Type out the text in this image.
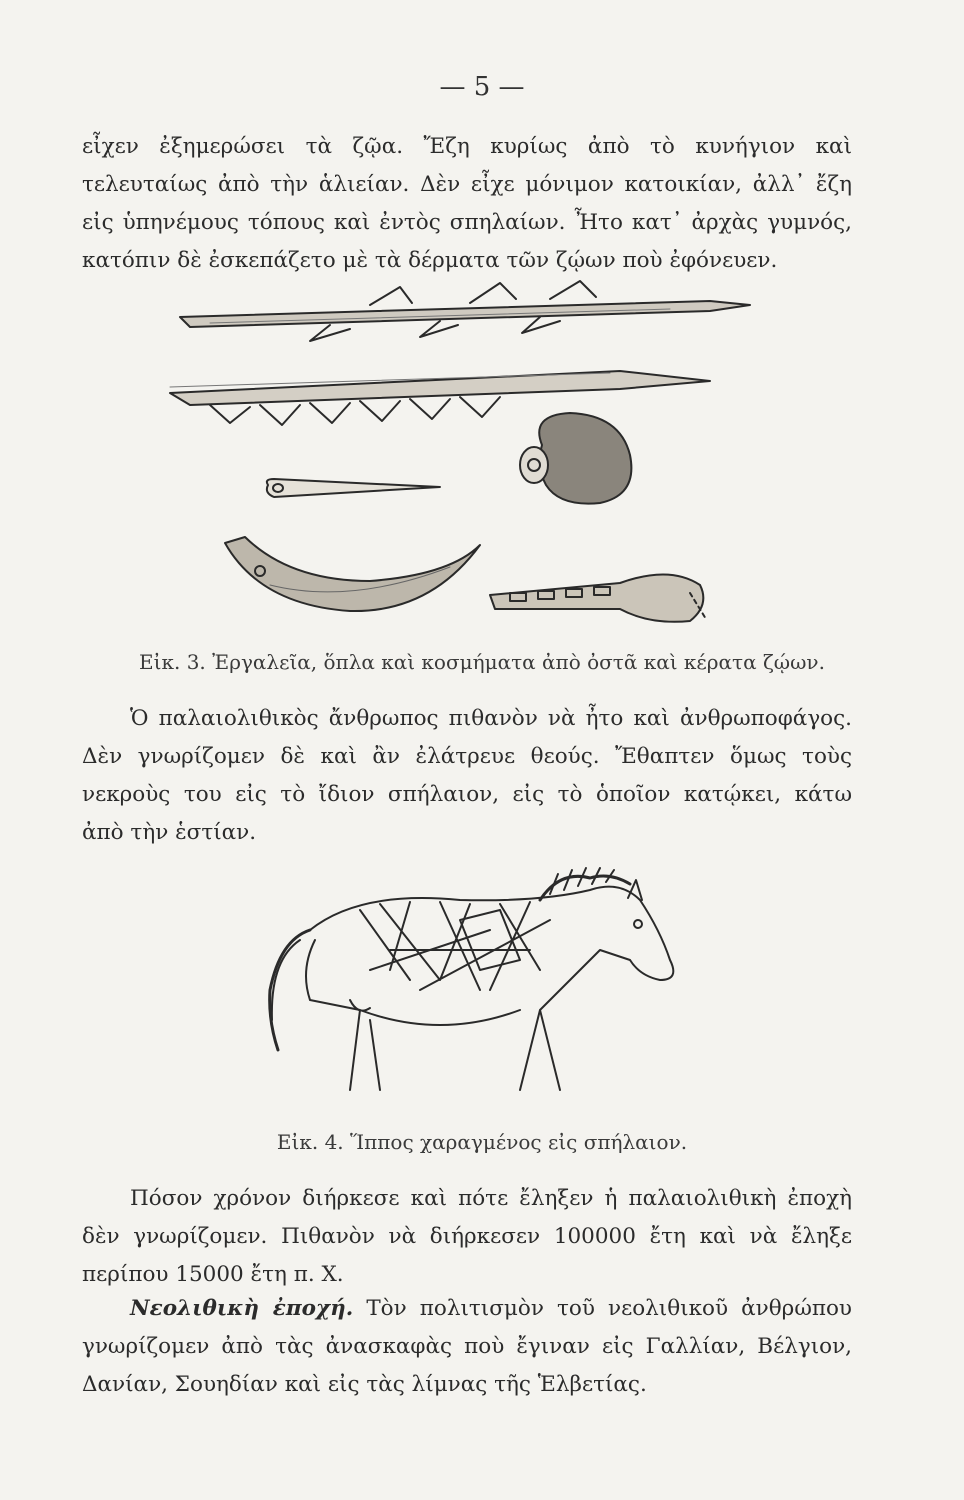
— 5 —
εἶχεν ἐξημερώσει τὰ ζῷα. Ἔζη κυρίως ἀπὸ τὸ κυνήγιον καὶ
τελευταίως ἀπὸ τὴν ἁλιείαν. Δὲν εἶχε μόνιμον κατοικίαν, ἀλλ᾽ ἔζη
εἰς ὑπηνέμους τόπους καὶ ἐντὸς σπηλαίων. Ἦτο κατ᾽ ἀρχὰς γυμνός,
κατόπιν δὲ ἐσκεπάζετο μὲ τὰ δέρματα τῶν ζῴων ποὺ ἐφόνευεν.
Εἰκ. 3. Ἐργαλεῖα, ὅπλα καὶ κοσμήματα ἀπὸ ὀστᾶ καὶ κέρατα ζῴων.
Ὁ παλαιολιθικὸς ἄνθρωπος πιθανὸν νὰ ἦτο καὶ ἀνθρωποφάγος.
Δὲν γνωρίζομεν δὲ καὶ ἂν ἐλάτρευε θεούς. Ἔθαπτεν ὅμως τοὺς
νεκροὺς του εἰς τὸ ἴδιον σπήλαιον, εἰς τὸ ὁποῖον κατῴκει, κάτω
ἀπὸ τὴν ἑστίαν.
Εἰκ. 4. Ἵππος χαραγμένος εἰς σπήλαιον.
Πόσον χρόνον διήρκεσε καὶ πότε ἔληξεν ἡ παλαιολιθικὴ ἐποχὴ
δὲν γνωρίζομεν. Πιθανὸν νὰ διήρκεσεν 100000 ἔτη καὶ νὰ ἔληξε
περίπου 15000 ἔτη π. Χ.
Νεολιθικὴ ἐποχή. Τὸν πολιτισμὸν τοῦ νεολιθικοῦ ἀνθρώπου
γνωρίζομεν ἀπὸ τὰς ἀνασκαφὰς ποὺ ἔγιναν εἰς Γαλλίαν, Βέλγιον,
Δανίαν, Σουηδίαν καὶ εἰς τὰς λίμνας τῆς Ἑλβετίας.
